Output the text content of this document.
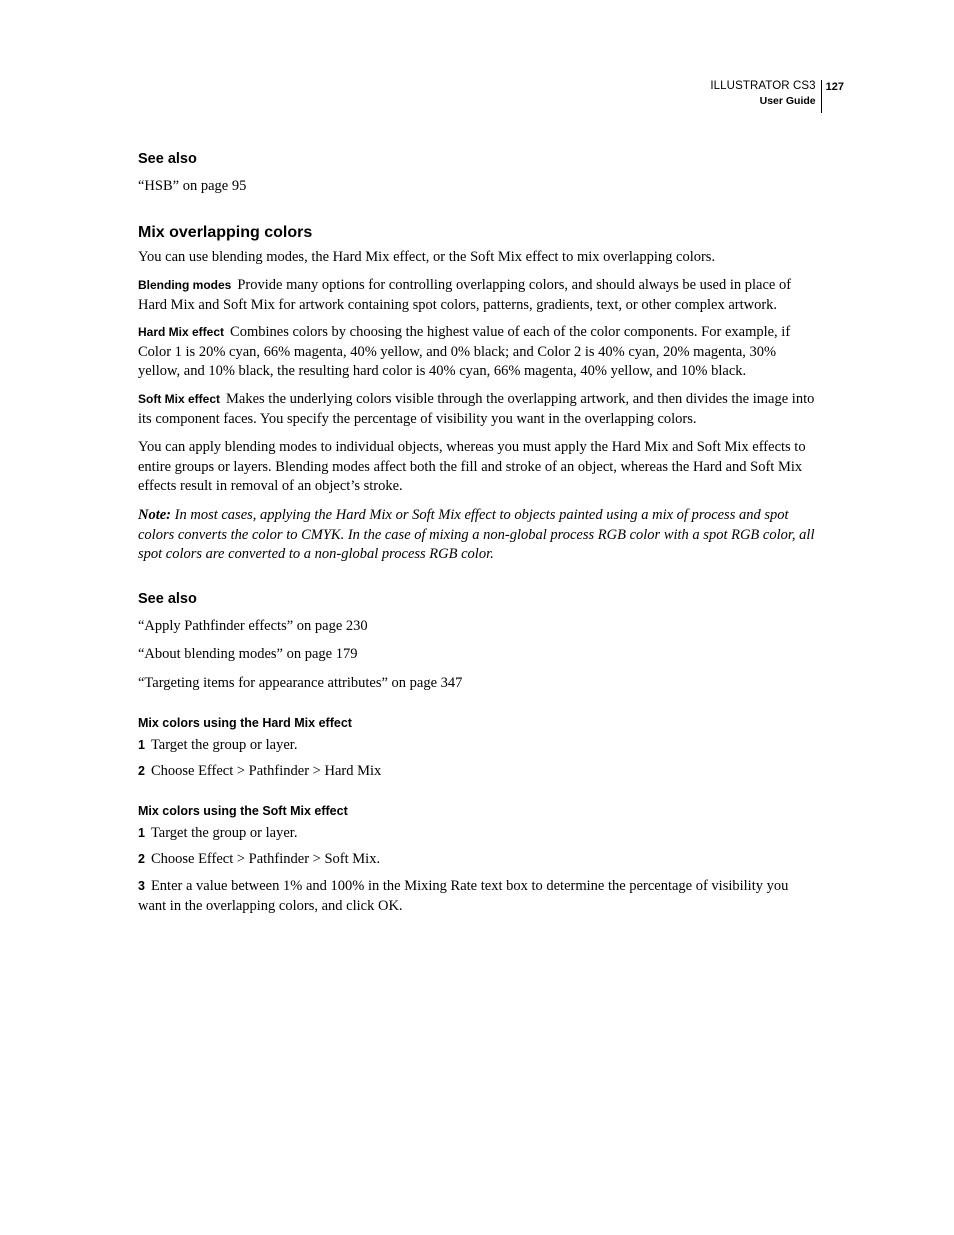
ILLUSTRATOR CS3
User Guide
127
See also
“HSB” on page 95
Mix overlapping colors
You can use blending modes, the Hard Mix effect, or the Soft Mix effect to mix overlapping colors.
Blending modes Provide many options for controlling overlapping colors, and should always be used in place of Hard Mix and Soft Mix for artwork containing spot colors, patterns, gradients, text, or other complex artwork.
Hard Mix effect Combines colors by choosing the highest value of each of the color components. For example, if Color 1 is 20% cyan, 66% magenta, 40% yellow, and 0% black; and Color 2 is 40% cyan, 20% magenta, 30% yellow, and 10% black, the resulting hard color is 40% cyan, 66% magenta, 40% yellow, and 10% black.
Soft Mix effect Makes the underlying colors visible through the overlapping artwork, and then divides the image into its component faces. You specify the percentage of visibility you want in the overlapping colors.
You can apply blending modes to individual objects, whereas you must apply the Hard Mix and Soft Mix effects to entire groups or layers. Blending modes affect both the fill and stroke of an object, whereas the Hard and Soft Mix effects result in removal of an object’s stroke.
Note: In most cases, applying the Hard Mix or Soft Mix effect to objects painted using a mix of process and spot colors converts the color to CMYK. In the case of mixing a non-global process RGB color with a spot RGB color, all spot colors are converted to a non-global process RGB color.
See also
“Apply Pathfinder effects” on page 230
“About blending modes” on page 179
“Targeting items for appearance attributes” on page 347
Mix colors using the Hard Mix effect
1 Target the group or layer.
2 Choose Effect > Pathfinder > Hard Mix
Mix colors using the Soft Mix effect
1 Target the group or layer.
2 Choose Effect > Pathfinder > Soft Mix.
3 Enter a value between 1% and 100% in the Mixing Rate text box to determine the percentage of visibility you want in the overlapping colors, and click OK.
